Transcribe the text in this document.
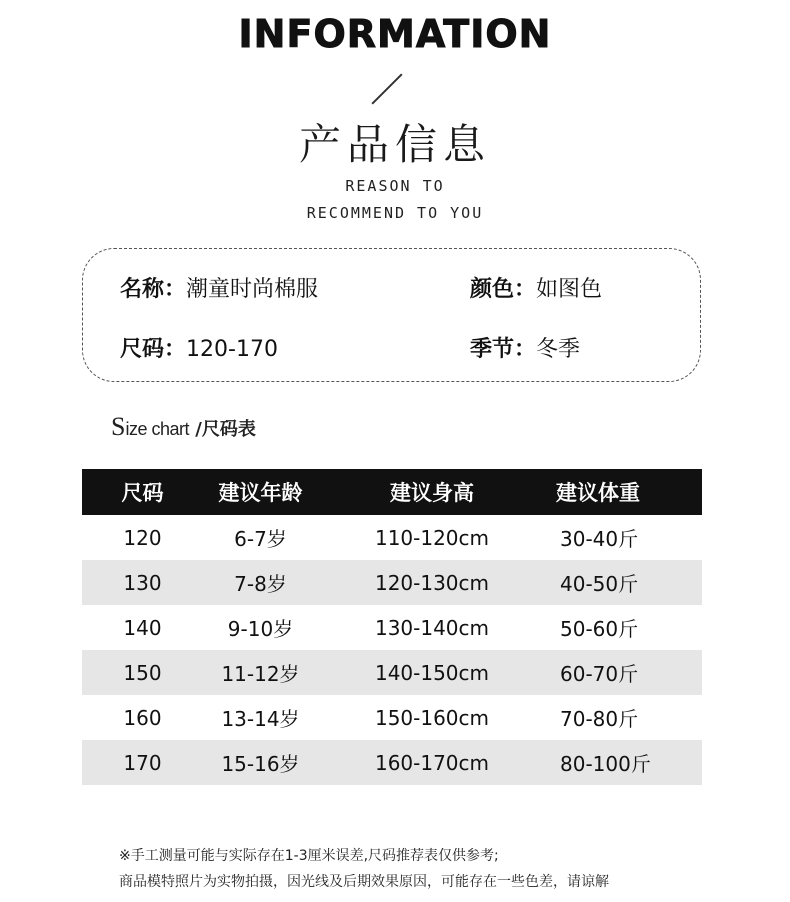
INFORMATION
产品信息
REASON TO
RECOMMEND TO YOU
名称：潮童时尚棉服	颜色：如图色
尺码：120-170	季节：冬季
Size chart /尺码表
尺码	建议年龄	建议身高	建议体重
120	6-7岁	110-120cm	30-40斤
130	7-8岁	120-130cm	40-50斤
140	9-10岁	130-140cm	50-60斤
150	11-12岁	140-150cm	60-70斤
160	13-14岁	150-160cm	70-80斤
170	15-16岁	160-170cm	80-100斤
※手工测量可能与实际存在1-3厘米误差,尺码推荐表仅供参考;
商品模特照片为实物拍摄，因光线及后期效果原因，可能存在一些色差，请谅解
